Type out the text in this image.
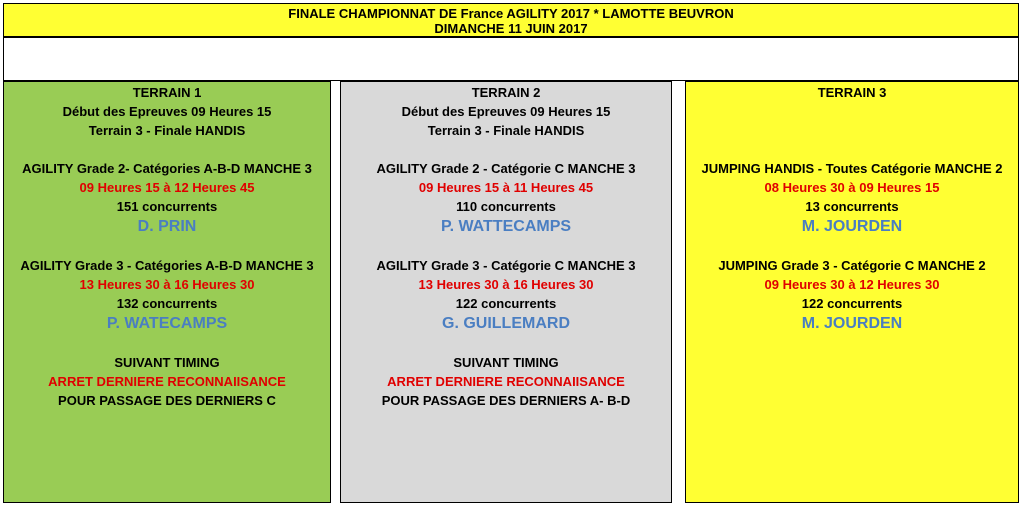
FINALE CHAMPIONNAT DE France AGILITY 2017 * LAMOTTE BEUVRON
DIMANCHE 11 JUIN 2017
TERRAIN 1
Début des Epreuves 09 Heures 15
Terrain 3 - Finale HANDIS
AGILITY Grade 2- Catégories A-B-D MANCHE 3
09 Heures 15 à 12 Heures 45
151 concurrents
D. PRIN
AGILITY Grade 3 - Catégories A-B-D MANCHE 3
13 Heures 30 à 16 Heures 30
132 concurrents
P. WATECAMPS
SUIVANT TIMING
ARRET DERNIERE RECONNAIISANCE
POUR PASSAGE DES DERNIERS C
TERRAIN 2
Début des Epreuves 09 Heures 15
Terrain 3 - Finale HANDIS
AGILITY Grade 2 - Catégorie C MANCHE 3
09 Heures 15 à 11 Heures 45
110 concurrents
P. WATTECAMPS
AGILITY Grade 3 - Catégorie C MANCHE 3
13 Heures 30 à 16 Heures 30
122 concurrents
G. GUILLEMARD
SUIVANT TIMING
ARRET DERNIERE RECONNAIISANCE
POUR PASSAGE DES DERNIERS A- B-D
TERRAIN 3
JUMPING HANDIS - Toutes Catégorie MANCHE 2
08 Heures 30 à 09 Heures 15
13 concurrents
M. JOURDEN
JUMPING Grade 3 - Catégorie C MANCHE 2
09 Heures 30 à 12 Heures 30
122 concurrents
M. JOURDEN
